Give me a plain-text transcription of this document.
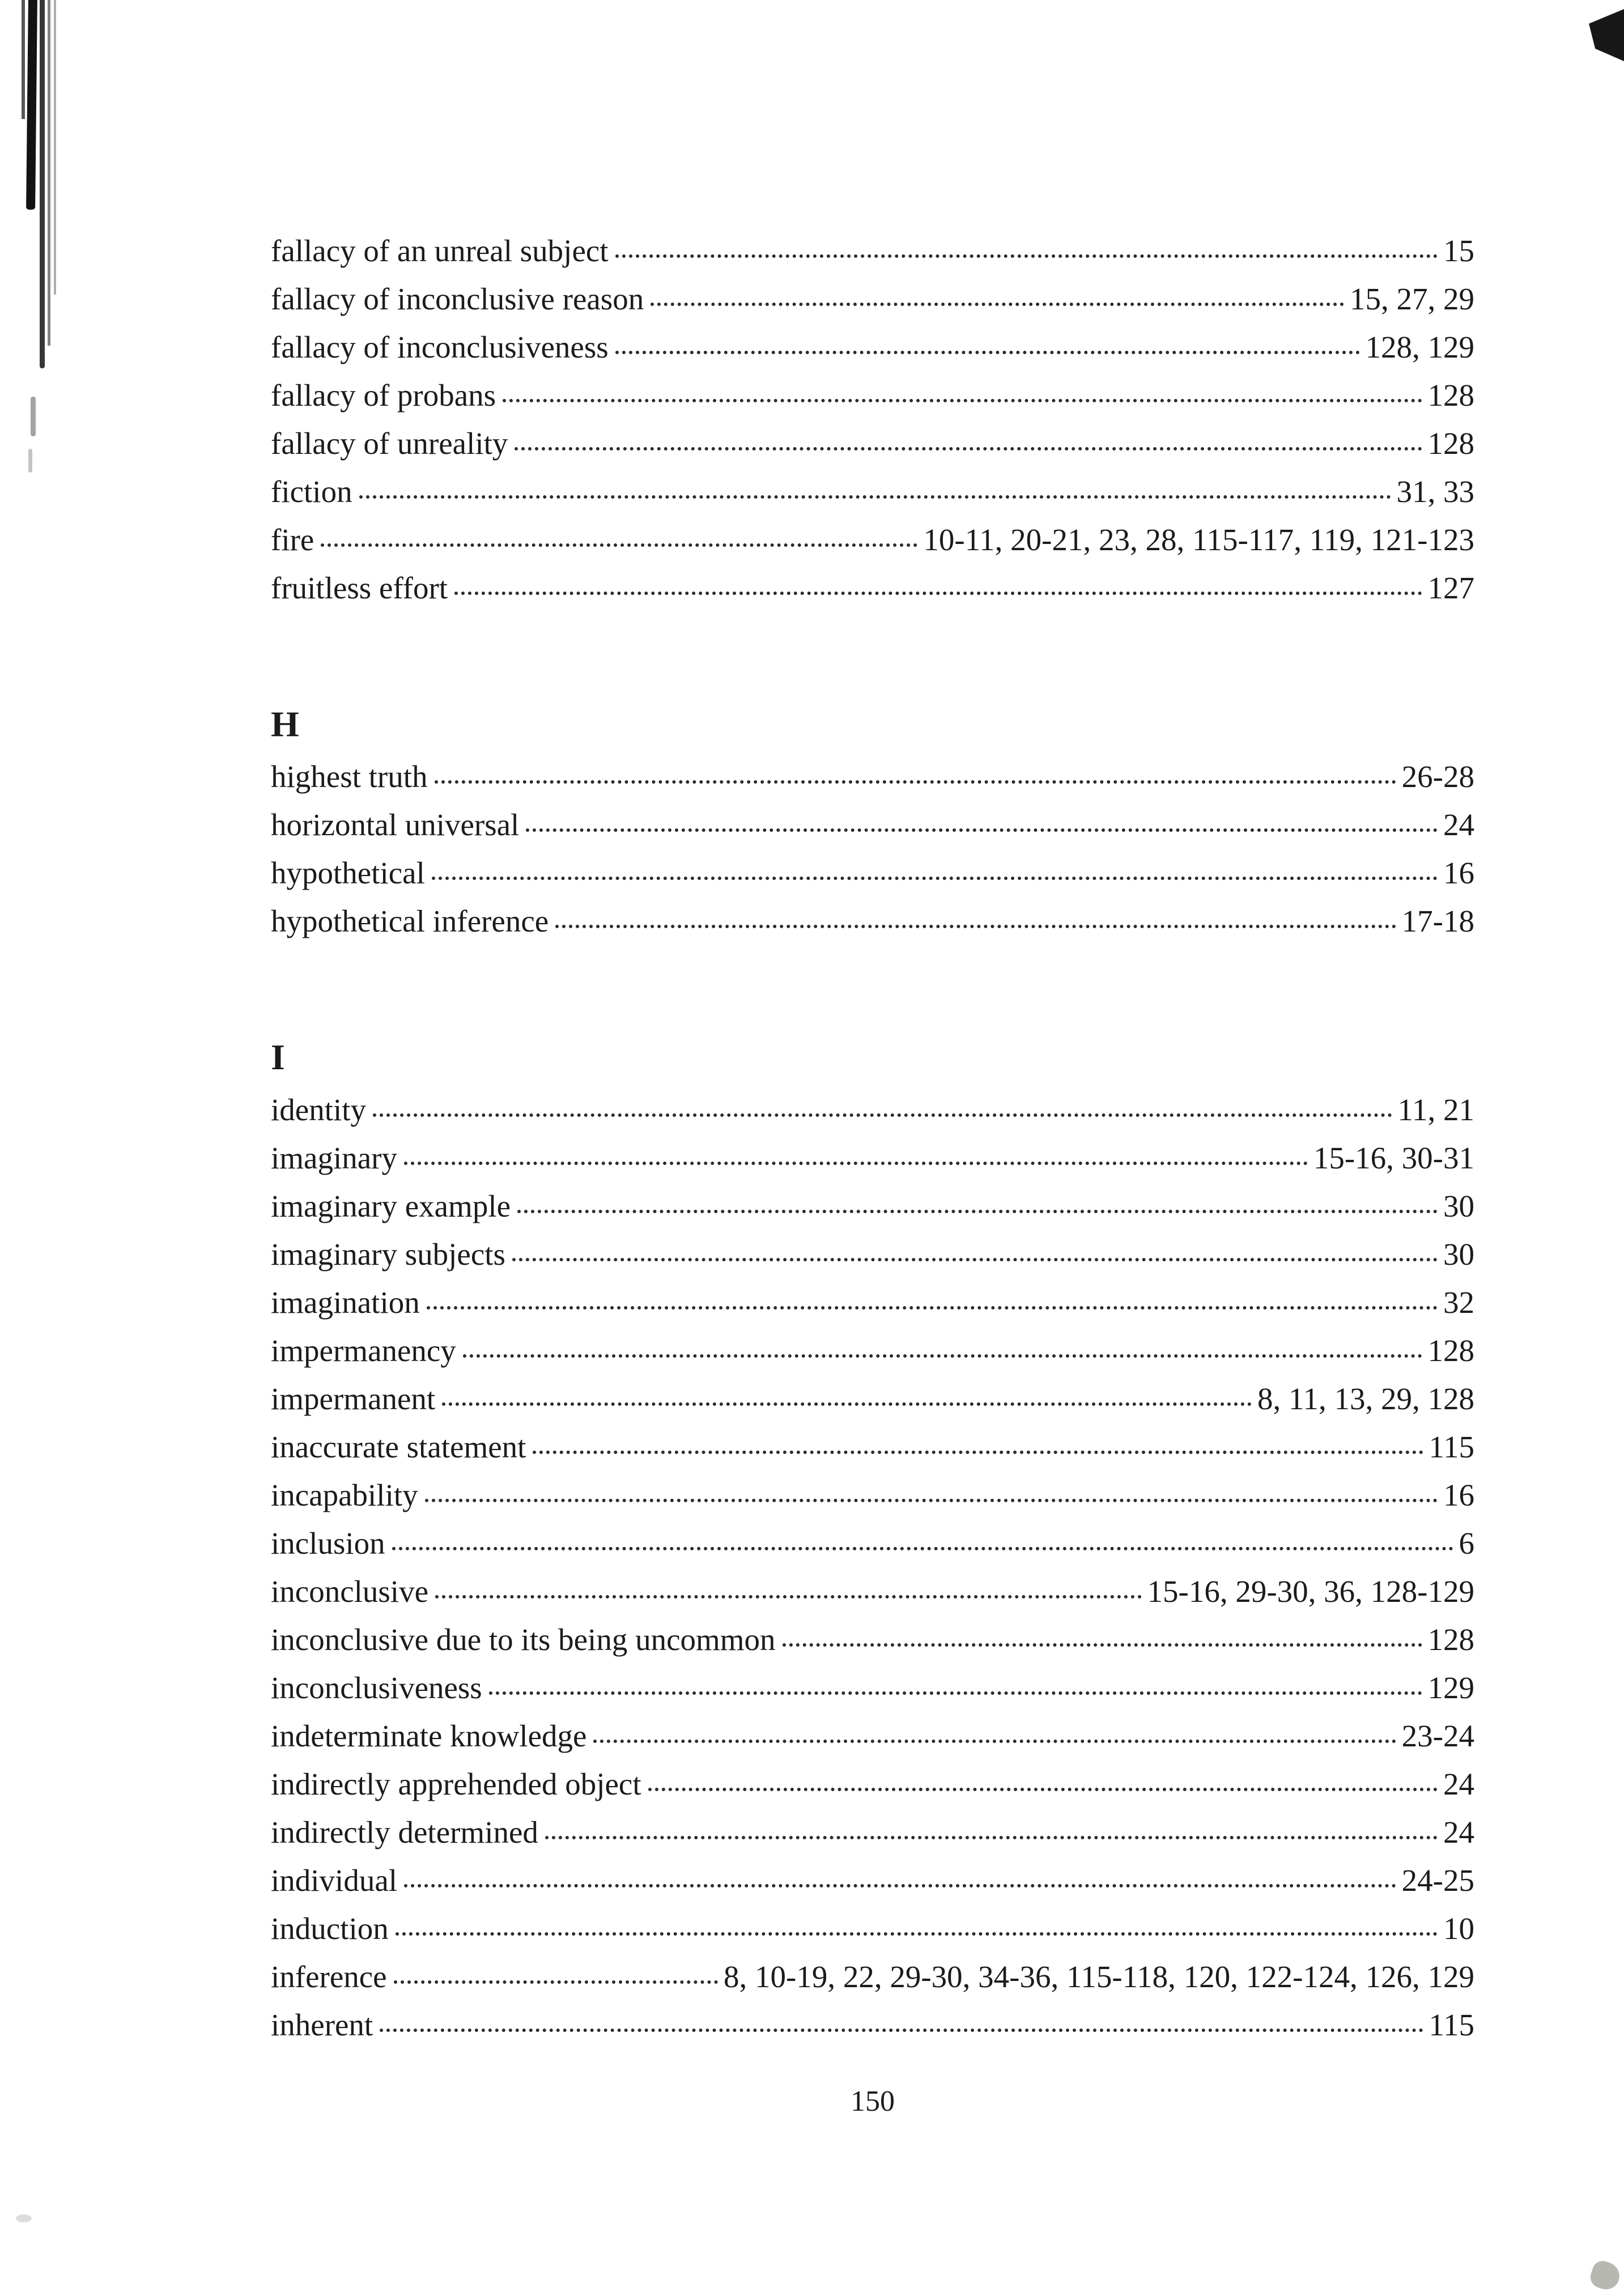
fallacy of an unreal subject	15
fallacy of inconclusive reason	15, 27, 29
fallacy of inconclusiveness	128, 129
fallacy of probans	128
fallacy of unreality	128
fiction	31, 33
fire	10-11, 20-21, 23, 28, 115-117, 119, 121-123
fruitless effort	127
H
highest truth	26-28
horizontal universal	24
hypothetical	16
hypothetical inference	17-18
I
identity	11, 21
imaginary	15-16, 30-31
imaginary example	30
imaginary subjects	30
imagination	32
impermanency	128
impermanent	8, 11, 13, 29, 128
inaccurate statement	115
incapability	16
inclusion	6
inconclusive	15-16, 29-30, 36, 128-129
inconclusive due to its being uncommon	128
inconclusiveness	129
indeterminate knowledge	23-24
indirectly apprehended object	24
indirectly determined	24
individual	24-25
induction	10
inference	8, 10-19, 22, 29-30, 34-36, 115-118, 120, 122-124, 126, 129
inherent	115
150
